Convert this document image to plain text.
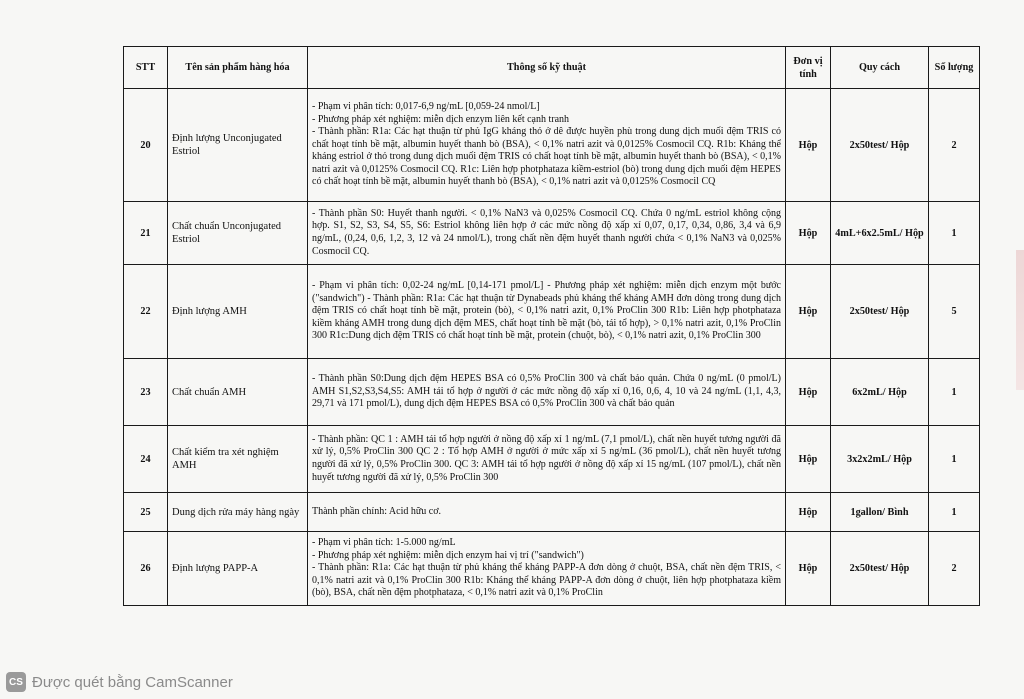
STT	Tên sản phẩm hàng hóa	Thông số kỹ thuật	Đơn vị tính	Quy cách	Số lượng
20	Định lượng Unconjugated Estriol	- Phạm vi phân tích: 0,017-6,9 ng/mL [0,059-24 nmol/L]
- Phương pháp xét nghiệm: miễn dịch enzym liên kết cạnh tranh
- Thành phần: R1a: Các hạt thuận từ phủ IgG kháng thỏ ở dê được huyền phù trong dung dịch muối đệm TRIS có chất hoạt tính bề mặt, albumin huyết thanh bò (BSA), < 0,1% natri azit và 0,0125% Cosmocil CQ. R1b: Kháng thể kháng estriol ở thỏ trong dung dịch muối đệm TRIS có chất hoạt tính bề mặt, albumin huyết thanh bò (BSA), < 0,1% natri azit và 0,0125% Cosmocil CQ. R1c: Liên hợp photphataza kiềm-estriol (bò) trong dung dịch muối đệm HEPES có chất hoạt tính bề mặt, albumin huyết thanh bò (BSA), < 0,1% natri azit và 0,0125% Cosmocil CQ	Hộp	2x50test/ Hộp	2
21	Chất chuẩn Unconjugated Estriol	- Thành phần S0: Huyết thanh người. < 0,1% NaN3 và 0,025% Cosmocil CQ. Chứa 0 ng/mL estriol không cộng hợp. S1, S2, S3, S4, S5, S6: Estriol không liên hợp ở các mức nồng độ xấp xỉ 0,07, 0,17, 0,34, 0,86, 3,4 và 6,9 ng/mL, (0,24, 0,6, 1,2, 3, 12 và 24 nmol/L), trong chất nền đệm huyết thanh người chứa < 0,1% NaN3 và 0,025% Cosmocil CQ.	Hộp	4mL+6x2.5mL/ Hộp	1
22	Định lượng AMH	- Phạm vi phân tích: 0,02-24 ng/mL [0,14-171 pmol/L] - Phương pháp xét nghiệm: miễn dịch enzym một bước ("sandwich") - Thành phần: R1a: Các hạt thuận từ Dynabeads phủ kháng thể kháng AMH đơn dòng trong dung dịch đệm TRIS có chất hoạt tính bề mặt, protein (bò), < 0,1% natri azit, 0,1% ProClin 300 R1b: Liên hợp photphataza kiềm kháng AMH trong dung dịch đệm MES, chất hoạt tính bề mặt (bò, tái tổ hợp), > 0,1% natri azit, 0,1% ProClin 300 R1c:Dung dịch đệm TRIS có chất hoạt tính bề mặt, protein (chuột, bò), < 0,1% natri azit, 0,1% ProClin 300	Hộp	2x50test/ Hộp	5
23	Chất chuẩn AMH	- Thành phần S0:Dung dịch đệm HEPES BSA có 0,5% ProClin 300 và chất bảo quản. Chứa 0 ng/mL (0 pmol/L) AMH S1,S2,S3,S4,S5: AMH tái tổ hợp ở người ở các mức nồng độ xấp xỉ 0,16, 0,6, 4, 10 và 24 ng/mL (1,1, 4,3, 29,71 và 171 pmol/L), dung dịch đệm HEPES BSA có 0,5% ProClin 300 và chất bảo quản	Hộp	6x2mL/ Hộp	1
24	Chất kiểm tra xét nghiệm AMH	- Thành phần: QC 1 : AMH tái tổ hợp người ở nồng độ xấp xỉ 1 ng/mL (7,1 pmol/L), chất nền huyết tương người đã xử lý, 0,5% ProClin 300 QC 2 : Tổ hợp AMH ở người ở mức xấp xỉ 5 ng/mL (36 pmol/L), chất nền huyết tương người đã xử lý, 0,5% ProClin 300. QC 3: AMH tái tổ hợp người ở nồng độ xấp xỉ 15 ng/mL (107 pmol/L), chất nền huyết tương người đã xử lý, 0,5% ProClin 300	Hộp	3x2x2mL/ Hộp	1
25	Dung dịch rửa máy hàng ngày	Thành phần chính: Acid hữu cơ.	Hộp	1gallon/ Bình	1
26	Định lượng PAPP-A	- Phạm vi phân tích: 1-5.000 ng/mL
- Phương pháp xét nghiệm: miễn dịch enzym hai vị trí ("sandwich")
- Thành phần: R1a: Các hạt thuận từ phủ kháng thể kháng PAPP-A đơn dòng ở chuột, BSA, chất nền đệm TRIS, < 0,1% natri azit và 0,1% ProClin 300 R1b: Kháng thể kháng PAPP-A đơn dòng ở chuột, liên hợp photphataza kiềm (bò), BSA, chất nền đệm photphataza, < 0,1% natri azit và 0,1% ProClin	Hộp	2x50test/ Hộp	2
CS Được quét bằng CamScanner
